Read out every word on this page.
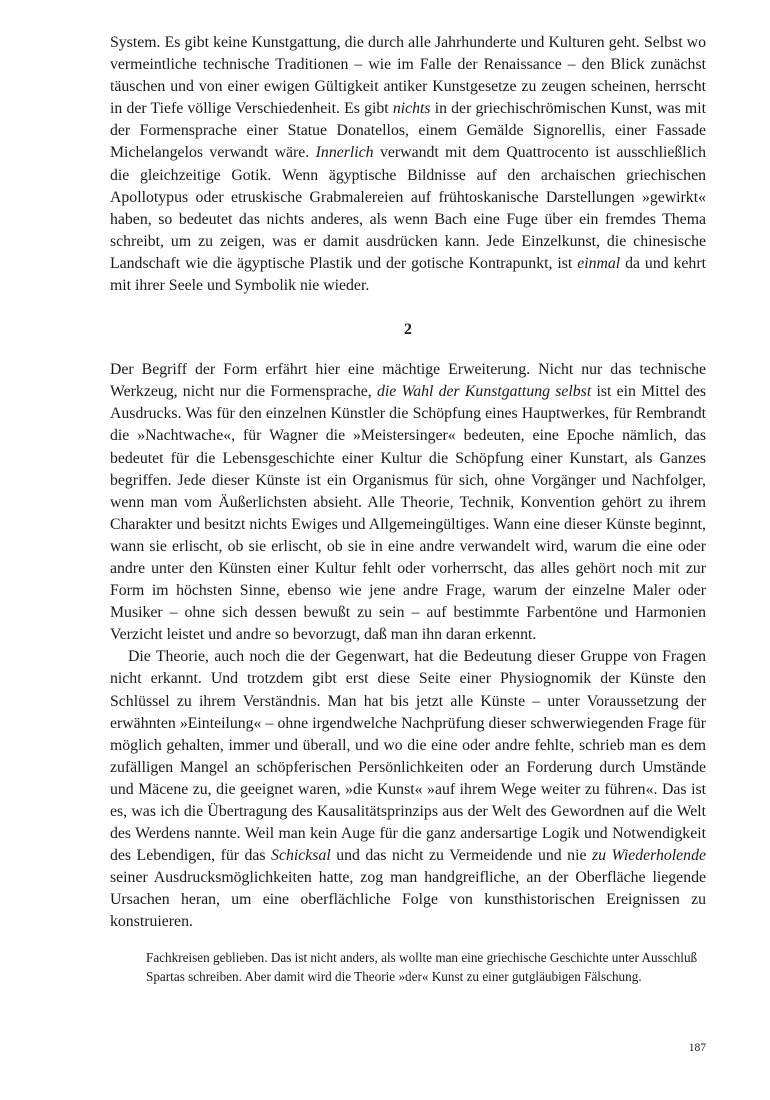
System. Es gibt keine Kunstgattung, die durch alle Jahrhunderte und Kulturen geht. Selbst wo vermeintliche technische Traditionen – wie im Falle der Renaissance – den Blick zunächst täuschen und von einer ewigen Gültigkeit antiker Kunstgesetze zu zeugen scheinen, herrscht in der Tiefe völlige Verschiedenheit. Es gibt nichts in der griechischrömischen Kunst, was mit der Formensprache einer Statue Donatellos, einem Gemälde Signorellis, einer Fassade Michelangelos verwandt wäre. Innerlich verwandt mit dem Quattrocento ist ausschließlich die gleichzeitige Gotik. Wenn ägyptische Bildnisse auf den archaischen griechischen Apollotypus oder etruskische Grabmalereien auf frühtoskanische Darstellungen »gewirkt« haben, so bedeutet das nichts anderes, als wenn Bach eine Fuge über ein fremdes Thema schreibt, um zu zeigen, was er damit ausdrücken kann. Jede Einzelkunst, die chinesische Landschaft wie die ägyptische Plastik und der gotische Kontrapunkt, ist einmal da und kehrt mit ihrer Seele und Symbolik nie wieder.

2

Der Begriff der Form erfährt hier eine mächtige Erweiterung. Nicht nur das technische Werkzeug, nicht nur die Formensprache, die Wahl der Kunstgattung selbst ist ein Mittel des Ausdrucks. Was für den einzelnen Künstler die Schöpfung eines Hauptwerkes, für Rembrandt die »Nachtwache«, für Wagner die »Meistersinger« bedeuten, eine Epoche nämlich, das bedeutet für die Lebensgeschichte einer Kultur die Schöpfung einer Kunstart, als Ganzes begriffen. Jede dieser Künste ist ein Organismus für sich, ohne Vorgänger und Nachfolger, wenn man vom Äußerlichsten absieht. Alle Theorie, Technik, Konvention gehört zu ihrem Charakter und besitzt nichts Ewiges und Allgemeingültiges. Wann eine dieser Künste beginnt, wann sie erlischt, ob sie erlischt, ob sie in eine andre verwandelt wird, warum die eine oder andre unter den Künsten einer Kultur fehlt oder vorherrscht, das alles gehört noch mit zur Form im höchsten Sinne, ebenso wie jene andre Frage, warum der einzelne Maler oder Musiker – ohne sich dessen bewußt zu sein – auf bestimmte Farbentöne und Harmonien Verzicht leistet und andre so bevorzugt, daß man ihn daran erkennt.

Die Theorie, auch noch die der Gegenwart, hat die Bedeutung dieser Gruppe von Fragen nicht erkannt. Und trotzdem gibt erst diese Seite einer Physiognomik der Künste den Schlüssel zu ihrem Verständnis. Man hat bis jetzt alle Künste – unter Voraussetzung der erwähnten »Einteilung« – ohne irgendwelche Nachprüfung dieser schwerwiegenden Frage für möglich gehalten, immer und überall, und wo die eine oder andre fehlte, schrieb man es dem zufälligen Mangel an schöpferischen Persönlichkeiten oder an Forderung durch Umstände und Mäcene zu, die geeignet waren, »die Kunst« »auf ihrem Wege weiter zu führen«. Das ist es, was ich die Übertragung des Kausalitätsprinzips aus der Welt des Gewordnen auf die Welt des Werdens nannte. Weil man kein Auge für die ganz andersartige Logik und Notwendigkeit des Lebendigen, für das Schicksal und das nicht zu Vermeidende und nie zu Wiederholende seiner Ausdrucksmöglichkeiten hatte, zog man handgreifliche, an der Oberfläche liegende Ursachen heran, um eine oberflächliche Folge von kunsthistorischen Ereignissen zu konstruieren.

Fachkreisen geblieben. Das ist nicht anders, als wollte man eine griechische Geschichte unter Ausschluß Spartas schreiben. Aber damit wird die Theorie »der« Kunst zu einer gutgläubigen Fälschung.

187
